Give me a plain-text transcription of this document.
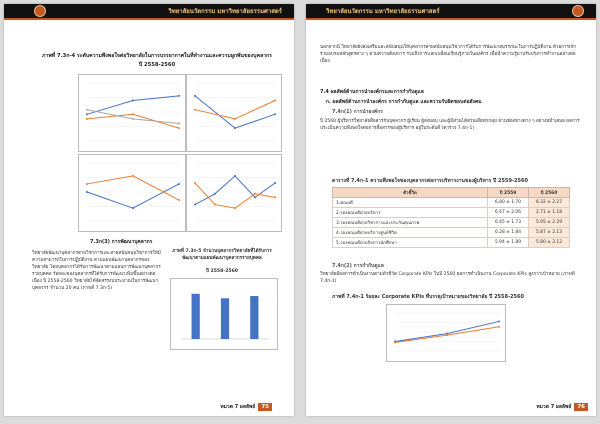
วิทยาลัยนวัตกรรม มหาวิทยาลัยธรรมศาสตร์
ภาพที่ 7.3ก-4 ระดับความพึงพอใจต่อวิทยาลัยในการบรรยากาศในที่ทำงานและความผูกพันของบุคลากร
ปี 2558-2560
7.3ก(3) การพัฒนาบุคลากร
วิทยาลัยพัฒนาบุคลากรสายวิชาการและสายสนับสนุนวิชาการให้มีความสามารถในการปฏิบัติงาน ตามแผนพัฒนาบุคลากรของวิทยาลัย โดยบุคลากรได้รับการพัฒนาตามแผนการพัฒนาบุคลากรรายบุคคล ร้อยละของบุคลากรที่ได้รับการพัฒนาเพิ่มขึ้นอย่างต่อเนื่อง ปี 2558-2560 วิทยาลัยได้จัดสรรงบประมาณในการพัฒนาบุคลากร จำนวน 20 คน (ภาพที่ 7.3ก-5)
ภาพที่ 7.3ก-5 จำนวนบุคลากรวิทยาลัยที่ได้รับการพัฒนาตามแผนพัฒนาบุคลากรรายบุคคล
ปี 2558-2560
หมวด 7 ผลลัพธ์ 75
วิทยาลัยนวัตกรรม มหาวิทยาลัยธรรมศาสตร์
นอกจากนี้ วิทยาลัยยังส่งเสริมและสนับสนุนให้บุคลากรสายสนับสนุนวิชาการได้รับการพัฒนาสมรรถนะในการปฏิบัติงาน ด้วยการเข้าร่วมอบรมหลักสูตรต่าง ๆ ตามความต้องการ รวมถึงการแลกเปลี่ยนเรียนรู้ภายในองค์กร เพื่อนำความรู้มาปรับปรุงการทำงานอย่างต่อเนื่อง
7.4 ผลลัพธ์ด้านการนำองค์กรและการกำกับดูแล
ก. ผลลัพธ์ด้านการนำองค์กร การกำกับดูแล และความรับผิดชอบต่อสังคม
7.4ก(1) การนำองค์กร
ปี 2560 ผู้บริหารวิทยาลัยสื่อสารกับบุคลากร ผู้เรียน ผู้ส่งมอบ และผู้มีส่วนได้ส่วนเสียทุกกลุ่ม ผ่านช่องทางต่าง ๆ อย่างสม่ำเสมอ ผลการประเมินความพึงพอใจต่อการสื่อสารของผู้บริหาร อยู่ในระดับดี (ตาราง 7.4ก-1)
ตารางที่ 7.4ก-1 ความพึงพอใจของบุคลากรต่อการบริหารงานของผู้บริหาร ปี 2559-2560
ตัวชี้วัด	ปี 2559	ปี 2560
1.คณบดี	6.80 ± 1.70	6.32 ± 2.27
2.รองคณบดีฝ่ายบริหาร	6.47 ± 2.06	2.71 ± 1.18
3.รองคณบดีฝ่ายวิชาการและประกันคุณภาพ	6.45 ± 1.73	5.95 ± 2.29
4.รองคณบดีฝ่ายบริการศูนย์ชีวิต	6.28 ± 1.84	5.87 ± 2.13
5.รองคณบดีฝ่ายกิจการนักศึกษา	5.94 ± 1.89	5.80 ± 2.12
7.4ก(2) การกำกับดูแล
วิทยาลัยมีผลการดำเนินงานตามตัวชี้วัด Corporate KPIs ในปี 2560 ผลการดำเนินงาน Corporate KPIs สูงกว่าเป้าหมาย (ภาพที่ 7.4ก-1)
ภาพที่ 7.4ก-1 ร้อยละ Corporate KPIs ที่บรรลุเป้าหมายของวิทยาลัย ปี 2558-2560
หมวด 7 ผลลัพธ์ 76
